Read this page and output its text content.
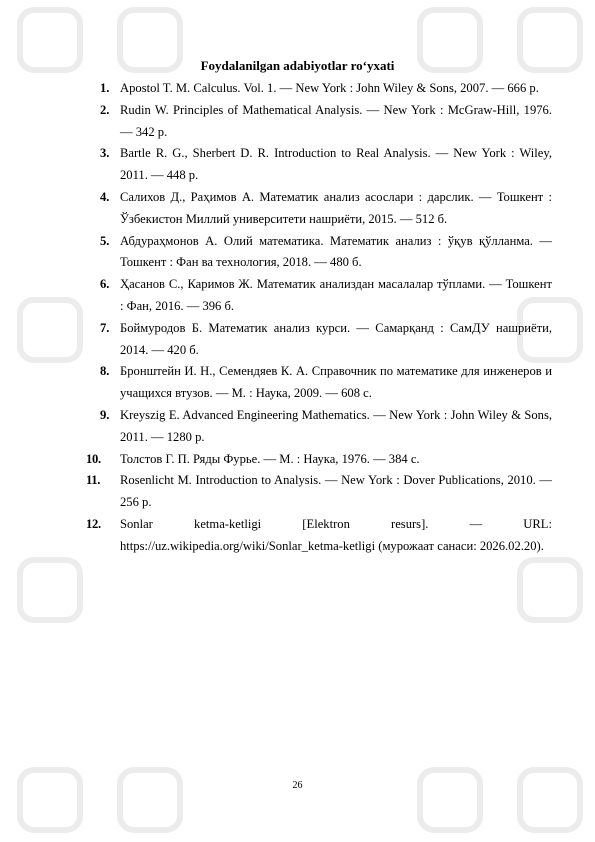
Foydalanilgan adabiyotlar ro‘yxati
1. Apostol T. M. Calculus. Vol. 1. — New York : John Wiley & Sons, 2007. — 666 p.
2. Rudin W. Principles of Mathematical Analysis. — New York : McGraw-Hill, 1976. — 342 p.
3. Bartle R. G., Sherbert D. R. Introduction to Real Analysis. — New York : Wiley, 2011. — 448 p.
4. Салихов Д., Раҳимов А. Математик анализ асослари : дарслик. — Тошкент : Ўзбекистон Миллий университети нашриёти, 2015. — 512 б.
5. Абдураҳмонов А. Олий математика. Математик анализ : ўқув қўлланма. — Тошкент : Фан ва технология, 2018. — 480 б.
6. Ҳасанов С., Каримов Ж. Математик анализдан масалалар тўплами. — Тошкент : Фан, 2016. — 396 б.
7. Боймуродов Б. Математик анализ курси. — Самарқанд : СамДУ нашриёти, 2014. — 420 б.
8. Бронштейн И. Н., Семендяев К. А. Справочник по математике для инженеров и учащихся втузов. — М. : Наука, 2009. — 608 с.
9. Kreyszig E. Advanced Engineering Mathematics. — New York : John Wiley & Sons, 2011. — 1280 p.
10. Толстов Г. П. Ряды Фурье. — М. : Наука, 1976. — 384 с.
11. Rosenlicht M. Introduction to Analysis. — New York : Dover Publications, 2010. — 256 p.
12. Sonlar ketma-ketligi [Elektron resurs]. — URL: https://uz.wikipedia.org/wiki/Sonlar_ketma-ketligi (мурожаат санаси: 2026.02.20).
26
